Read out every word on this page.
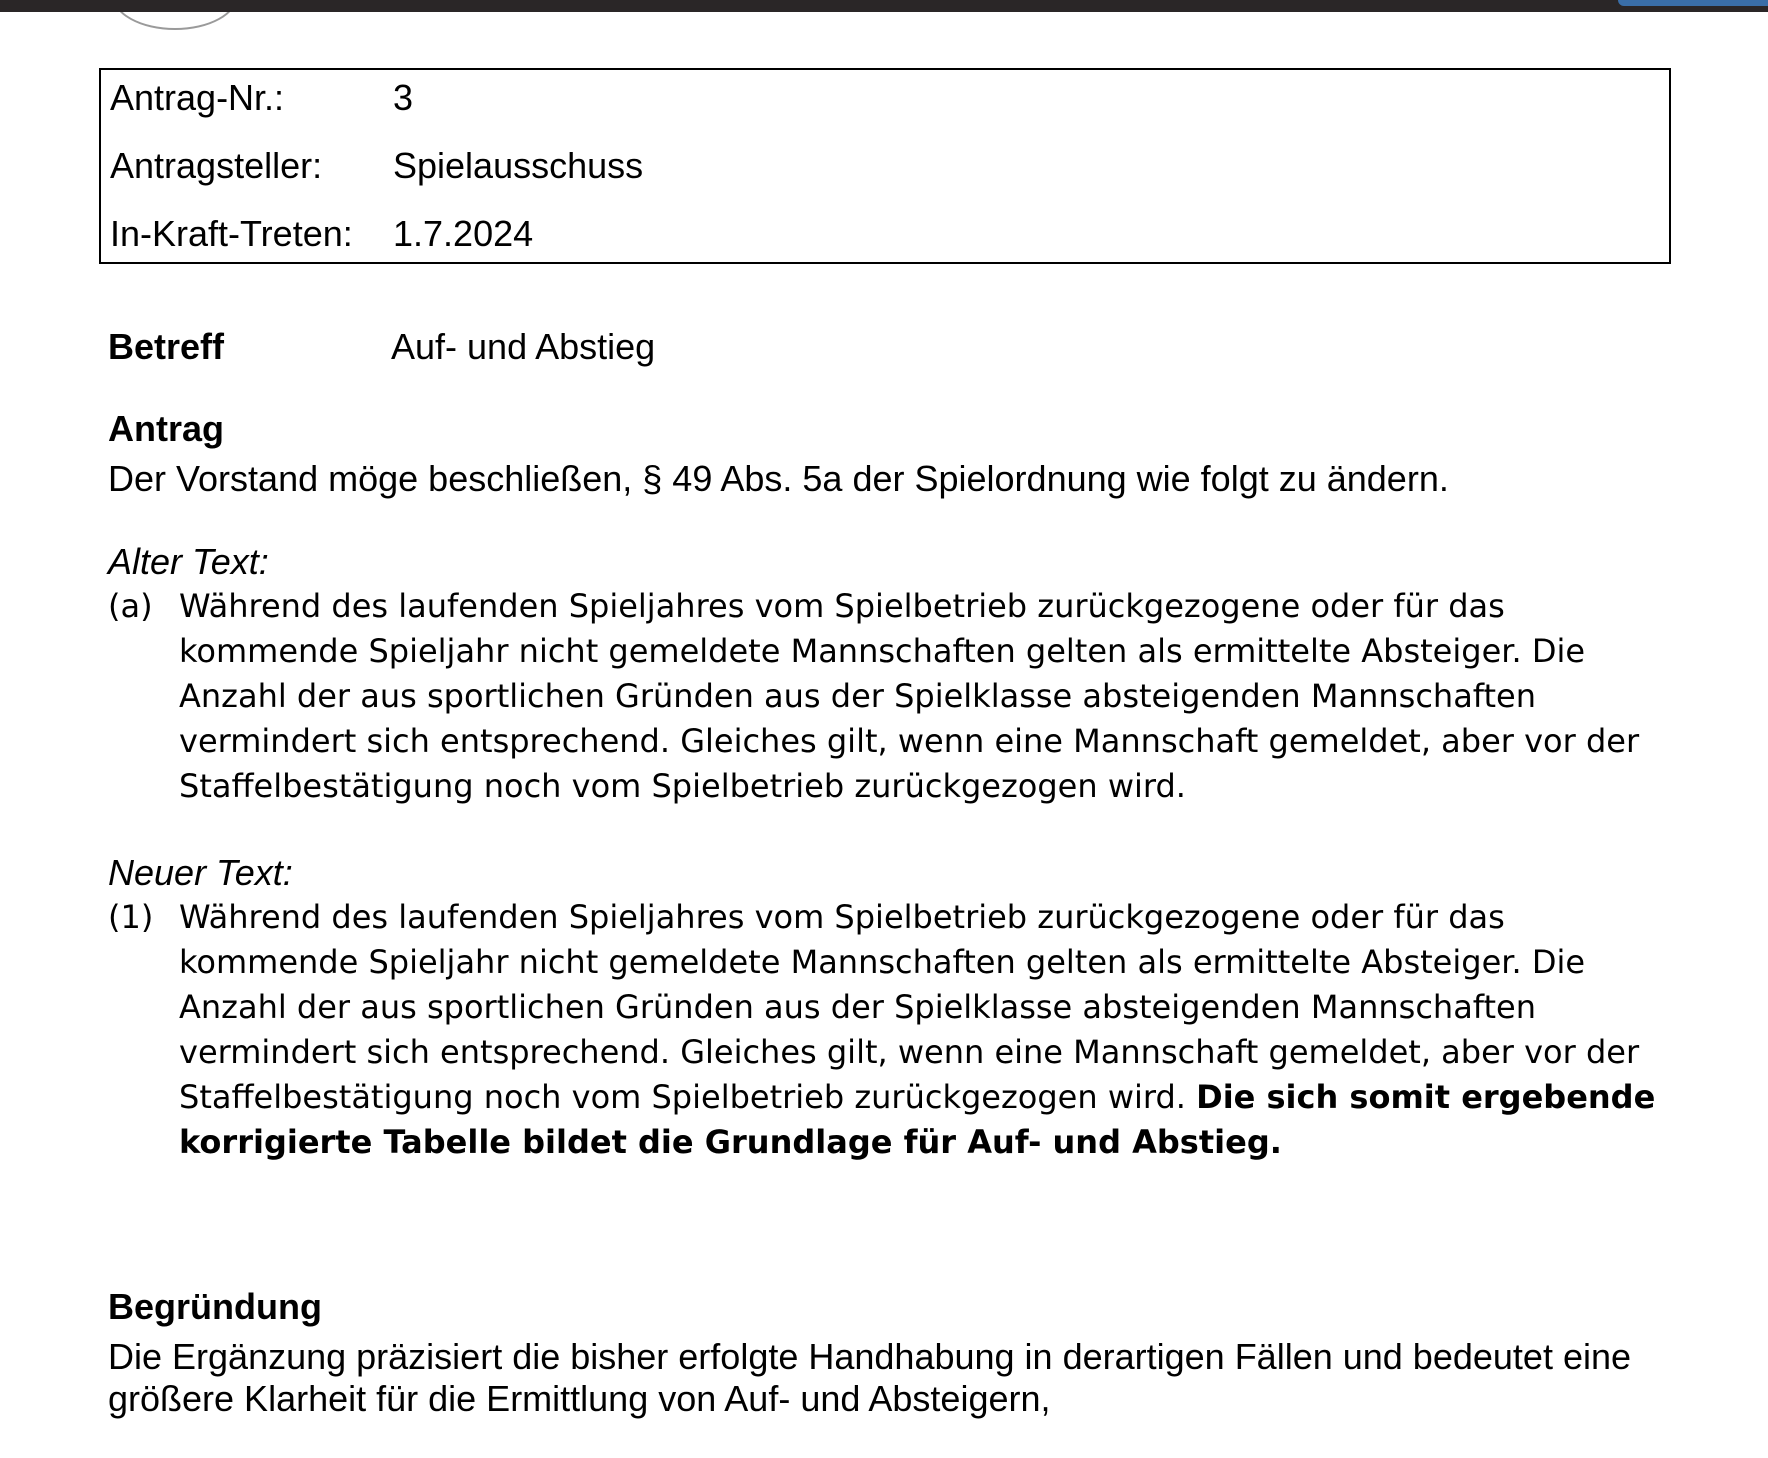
Antrag-Nr.:	3
Antragsteller: Spielausschuss
In-Kraft-Treten: 1.7.2024
Betreff	Auf- und Abstieg
Antrag
Der Vorstand möge beschließen, § 49 Abs. 5a der Spielordnung wie folgt zu ändern.
Alter Text:
(a) Während des laufenden Spieljahres vom Spielbetrieb zurückgezogene oder für das kommende Spieljahr nicht gemeldete Mannschaften gelten als ermittelte Absteiger. Die Anzahl der aus sportlichen Gründen aus der Spielklasse absteigenden Mannschaften vermindert sich entsprechend. Gleiches gilt, wenn eine Mannschaft gemeldet, aber vor der Staffelbestätigung noch vom Spielbetrieb zurückgezogen wird.
Neuer Text:
(1) Während des laufenden Spieljahres vom Spielbetrieb zurückgezogene oder für das kommende Spieljahr nicht gemeldete Mannschaften gelten als ermittelte Absteiger. Die Anzahl der aus sportlichen Gründen aus der Spielklasse absteigenden Mannschaften vermindert sich entsprechend. Gleiches gilt, wenn eine Mannschaft gemeldet, aber vor der Staffelbestätigung noch vom Spielbetrieb zurückgezogen wird. Die sich somit ergebende korrigierte Tabelle bildet die Grundlage für Auf- und Abstieg.
Begründung
Die Ergänzung präzisiert die bisher erfolgte Handhabung in derartigen Fällen und bedeutet eine größere Klarheit für die Ermittlung von Auf- und Absteigern,
